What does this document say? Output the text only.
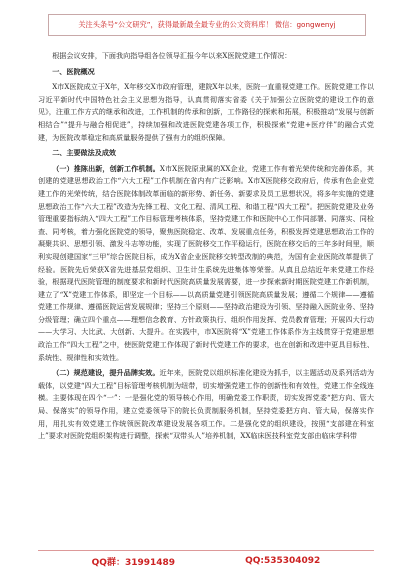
关注头条号“公文研究”，获得最新最全最专业的公文资料库！ 微信：gongwenyj

根据会议安排，下面我向指导组各位领导汇报今年以来X医院党建工作情况：

一、医院概况

X市X医院成立于X年，X年移交X市政府管理，建院X年以来，医院一直重视党建工作。医院党建工作以习近平新时代中国特色社会主义思想为指导，认真贯彻落实省委《关于加强公立医院党的建设工作的意见》，注重工作方式的继承和改进，工作机制的传承和创新，工作路径的探索和拓展，积极推动“发展与创新相结合”“提升与融合相促进”，持续加强和改进医院党建各项工作，积极探索“党建+医疗伴”的融合式党建，为医院改革稳定和高质量服务提供了强有力的组织保障。

二、主要做法及成效

（一）推陈出新，创新工作机制。X市X医院原隶属的XX企业，党建工作有着光荣传统和完善体系，其创建的党建思想政治工作“六大工程”工作机制在省内有广泛影响。X市X医院移交政府后，传承有色企业党建工作的光荣传统，结合医院体制改革面临的新形势、新任务、新要求及员工思想状况，将多年实施的党建思想政治工作“六大工程”改造为先锋工程、文化工程、清风工程、和谐工程“四大工程”。把医院党建及业务管理重要指标纳入“四大工程”工作目标管理考核体系，坚持党建工作和医院中心工作同部署、同落实、同检查、同考核，着力强化医院党的领导，聚焦医院稳定、改革、发展重点任务，积极发挥党建思想政治工作的凝聚共识、思想引领、激发斗志等功能，实现了医院移交工作平稳运行，医院在移交后的三年多时间里，顺利实现创建国家“三甲”综合医院目标，成为X省企业医院移交转型改制的典范，为国有企业医院改革提供了经验。医院先后荣获X省先进基层党组织、卫生计生系统先进集体等荣誉。从真且总结近年来党建工作经验，根据现代医院管理的制度要求和新时代医院高质量发展需要，进一步探索新时期医院党建工作新机制，建立了“X”党建工作体系，即坚定一个目标——以高质量党建引领医院高质量发展；遵循二个规律——遵循党建工作规律、遵循医院运营发展规律；坚持三个原则——坚持政治建设为引领、坚持融入医院业务、坚持分级管理；确立四个重点——理想信念教育、方针政策执行、组织作用发挥、党员教育管理；开展四大行动——大学习、大比武、大创新、大提升。在实践中，市X医院将“X”党建工作体系作为主线贯穿于党建思想政治工作“四大工程”之中，使医院党建工作体现了新时代党建工作的要求，也在创新和改进中更具目标性、系统性、规律性和实效性。

（二）规范建设，提升品牌实效。近年来，医院党以组织标准化建设为抓手，以主题活动及系列活动为载体，以党建“四大工程”目标管理考核机制为纽带，切实增强党建工作的创新性和有效性，党建工作全线连横。主要体现在四个“一”：一是强化党的领导核心作用，明确党委工作职责，切实发挥党委“把方向、管大局、保落实”的领导作用，建立党委领导下的院长负责制服务机制，坚持党委把方向、管大局，保落实作用，用扎实有效党建工作统领医院改革建设发展各项工作。二是强化党的组织建设，按照“支部建在科室上”要求对医院党组织架构进行调整，探索“双带头人”培养机制，XX临床医技科室党支部由临床学科带

QQ群：31991489	QQ:535304092
